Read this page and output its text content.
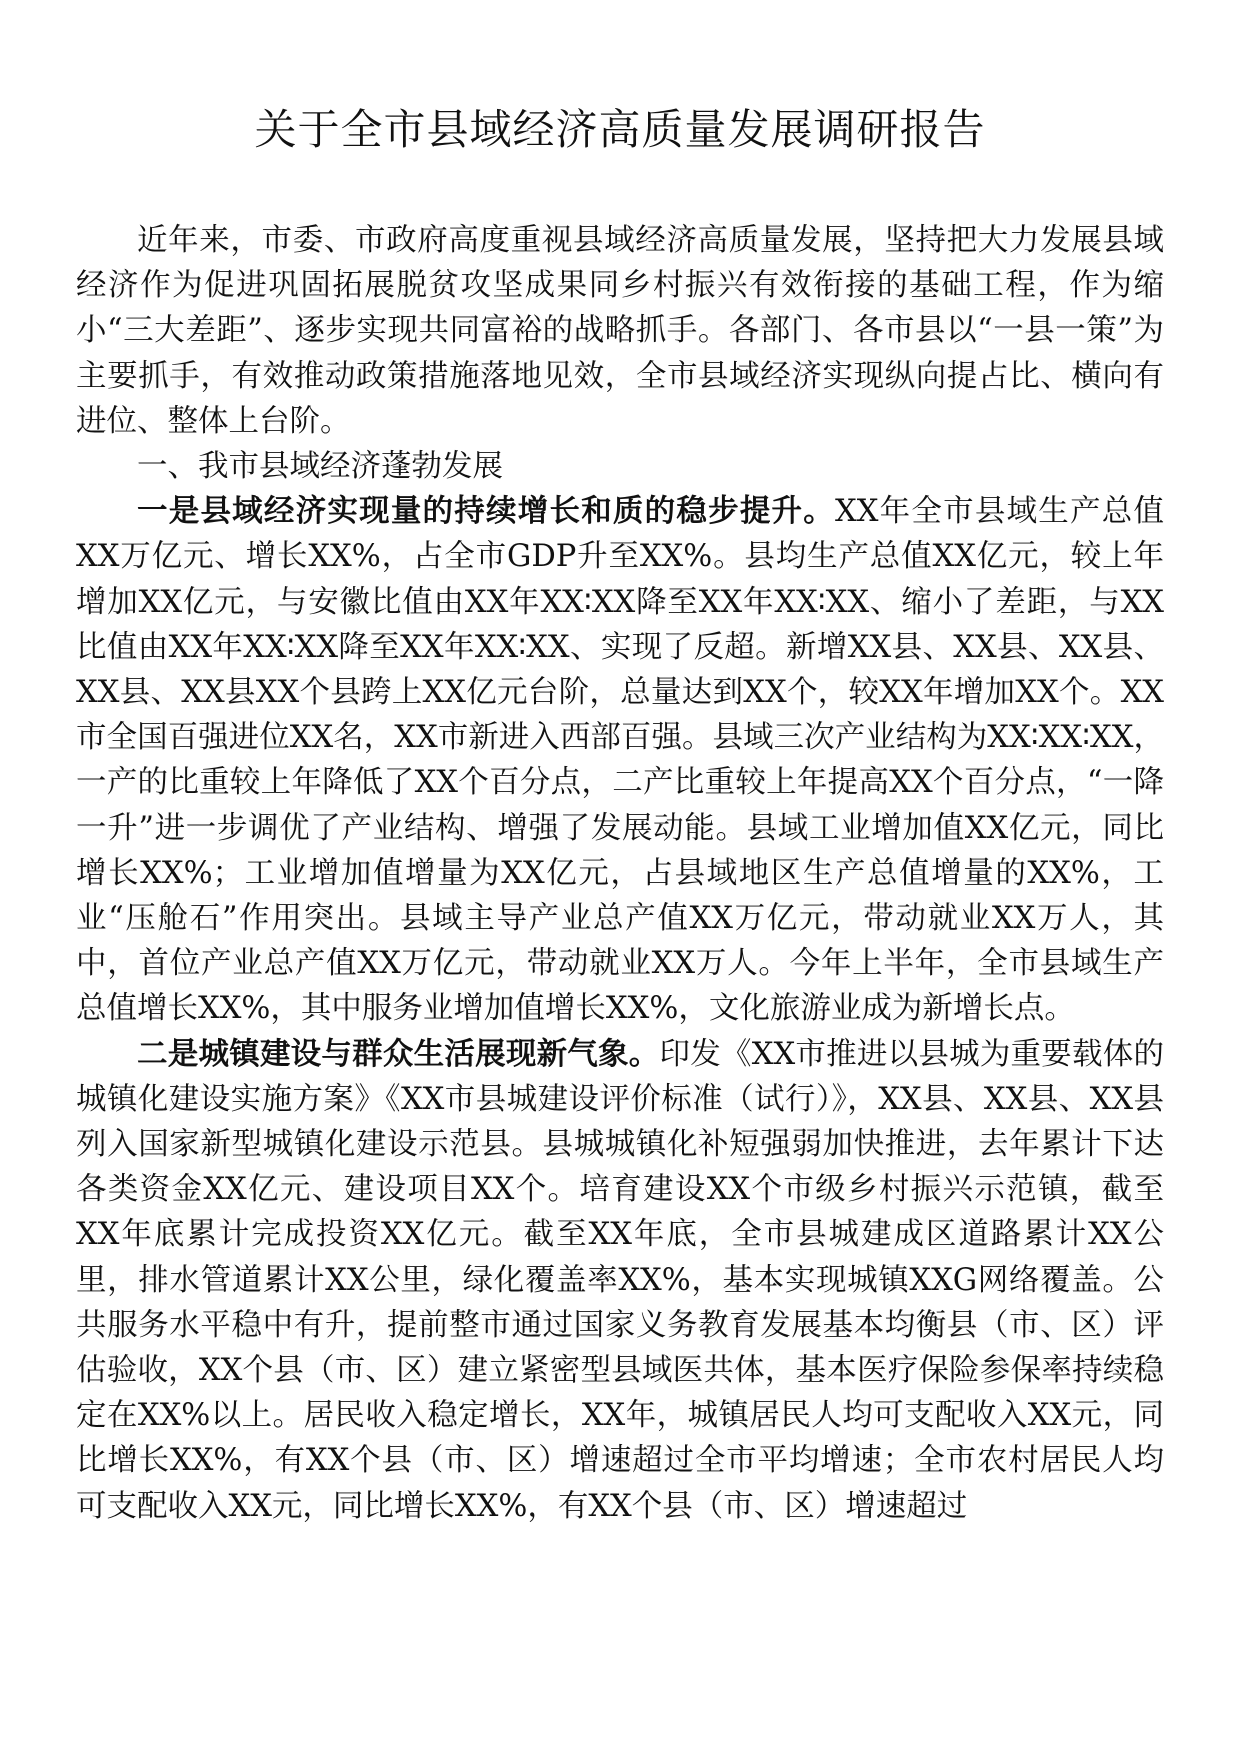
关于全市县域经济高质量发展调研报告

近年来，市委、市政府高度重视县域经济高质量发展，坚持把大力发展县域经济作为促进巩固拓展脱贫攻坚成果同乡村振兴有效衔接的基础工程，作为缩小“三大差距”、逐步实现共同富裕的战略抓手。各部门、各市县以“一县一策”为主要抓手，有效推动政策措施落地见效，全市县域经济实现纵向提占比、横向有进位、整体上台阶。

一、我市县域经济蓬勃发展

一是县域经济实现量的持续增长和质的稳步提升。XX年全市县域生产总值XX万亿元、增长XX%，占全市GDP升至XX%。县均生产总值XX亿元，较上年增加XX亿元，与安徽比值由XX年XX∶XX降至XX年XX∶XX、缩小了差距，与XX比值由XX年XX∶XX降至XX年XX∶XX、实现了反超。新增XX县、XX县、XX县、XX县、XX县XX个县跨上XX亿元台阶，总量达到XX个，较XX年增加XX个。XX市全国百强进位XX名，XX市新进入西部百强。县域三次产业结构为XX∶XX∶XX，一产的比重较上年降低了XX个百分点，二产比重较上年提高XX个百分点，“一降一升”进一步调优了产业结构、增强了发展动能。县域工业增加值XX亿元，同比增长XX%；工业增加值增量为XX亿元，占县域地区生产总值增量的XX%，工业“压舱石”作用突出。县域主导产业总产值XX万亿元，带动就业XX万人，其中，首位产业总产值XX万亿元，带动就业XX万人。今年上半年，全市县域生产总值增长XX%，其中服务业增加值增长XX%，文化旅游业成为新增长点。

二是城镇建设与群众生活展现新气象。印发《XX市推进以县城为重要载体的城镇化建设实施方案》《XX市县城建设评价标准（试行）》，XX县、XX县、XX县列入国家新型城镇化建设示范县。县城城镇化补短强弱加快推进，去年累计下达各类资金XX亿元、建设项目XX个。培育建设XX个市级乡村振兴示范镇，截至XX年底累计完成投资XX亿元。截至XX年底，全市县城建成区道路累计XX公里，排水管道累计XX公里，绿化覆盖率XX%，基本实现城镇XXG网络覆盖。公共服务水平稳中有升，提前整市通过国家义务教育发展基本均衡县（市、区）评估验收，XX个县（市、区）建立紧密型县域医共体，基本医疗保险参保率持续稳定在XX%以上。居民收入稳定增长，XX年，城镇居民人均可支配收入XX元，同比增长XX%，有XX个县（市、区）增速超过全市平均增速；全市农村居民人均可支配收入XX元，同比增长XX%，有XX个县（市、区）增速超过
